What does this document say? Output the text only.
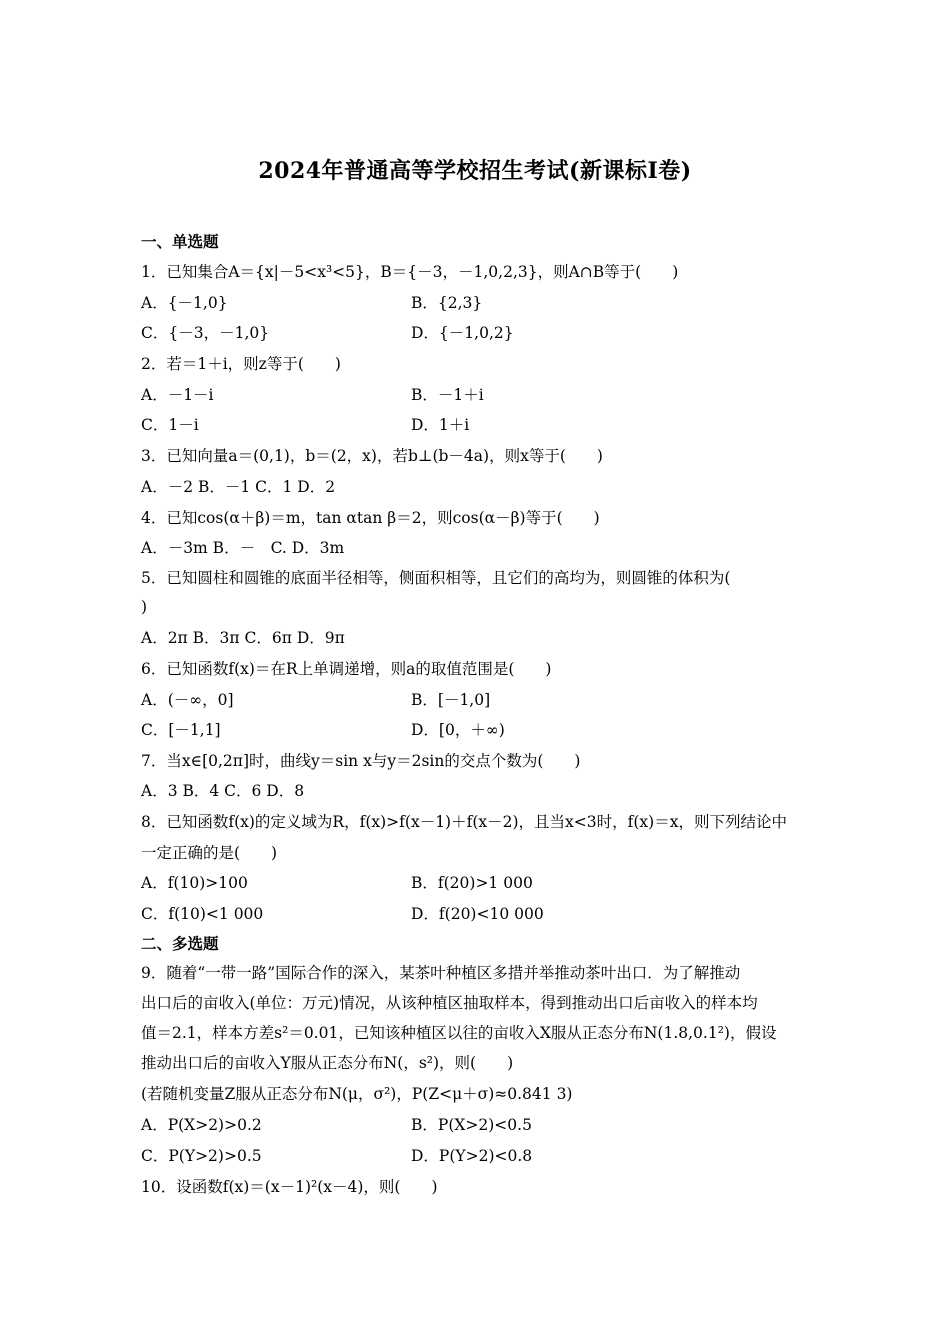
2024年普通高等学校招生考试(新课标Ⅰ卷)
一、单选题
1．已知集合A＝{x|－5<x³<5}，B＝{－3，－1,0,2,3}，则A∩B等于(　　)
A．{－1,0}	B．{2,3}
C．{－3，－1,0}	D．{－1,0,2}
2．若＝1＋i，则z等于(　　)
A．－1－i	B．－1＋i
C．1－i	D．1＋i
3．已知向量a＝(0,1)，b＝(2，x)，若b⊥(b－4a)，则x等于(　　)
A．－2 B．－1 C．1 D．2
4．已知cos(α＋β)＝m，tan αtan β＝2，则cos(α－β)等于(　　)
A．－3m B．－　C. D．3m
5．已知圆柱和圆锥的底面半径相等，侧面积相等，且它们的高均为，则圆锥的体积为(
)
A．2π B．3π C．6π D．9π
6．已知函数f(x)＝在R上单调递增，则a的取值范围是(　　)
A．(－∞，0]	B．[－1,0]
C．[－1,1]	D．[0，＋∞)
7．当x∈[0,2π]时，曲线y＝sin x与y＝2sin的交点个数为(　　)
A．3 B．4 C．6 D．8
8．已知函数f(x)的定义域为R，f(x)>f(x－1)＋f(x－2)，且当x<3时，f(x)＝x，则下列结论中
一定正确的是(　　)
A．f(10)>100	B．f(20)>1 000
C．f(10)<1 000	D．f(20)<10 000
二、多选题
9．随着“一带一路”国际合作的深入，某茶叶种植区多措并举推动茶叶出口．为了解推动
出口后的亩收入(单位：万元)情况，从该种植区抽取样本，得到推动出口后亩收入的样本均
值＝2.1，样本方差s²＝0.01，已知该种植区以往的亩收入X服从正态分布N(1.8,0.1²)，假设
推动出口后的亩收入Y服从正态分布N(，s²)，则(　　)
(若随机变量Z服从正态分布N(μ，σ²)，P(Z<μ＋σ)≈0.841 3)
A．P(X>2)>0.2	B．P(X>2)<0.5
C．P(Y>2)>0.5	D．P(Y>2)<0.8
10．设函数f(x)＝(x－1)²(x－4)，则(　　)
